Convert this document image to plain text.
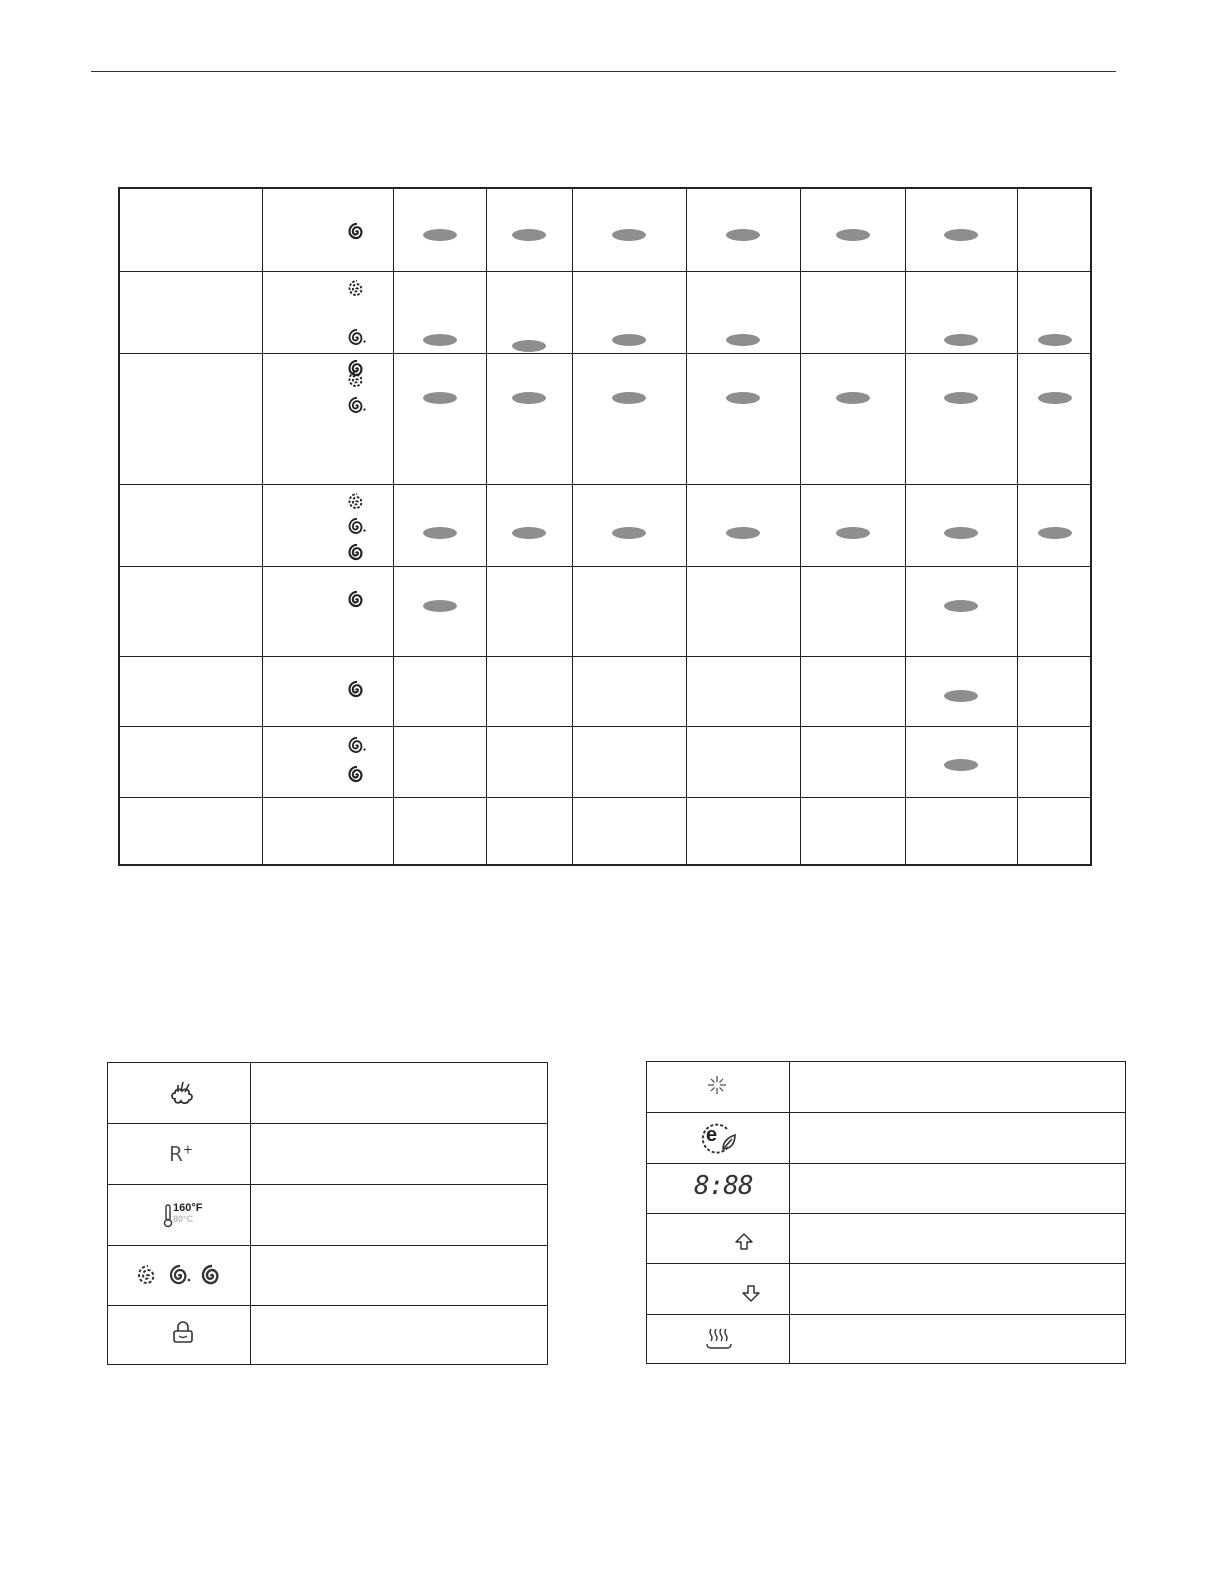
R+
160°F
80°C
e
8:88
